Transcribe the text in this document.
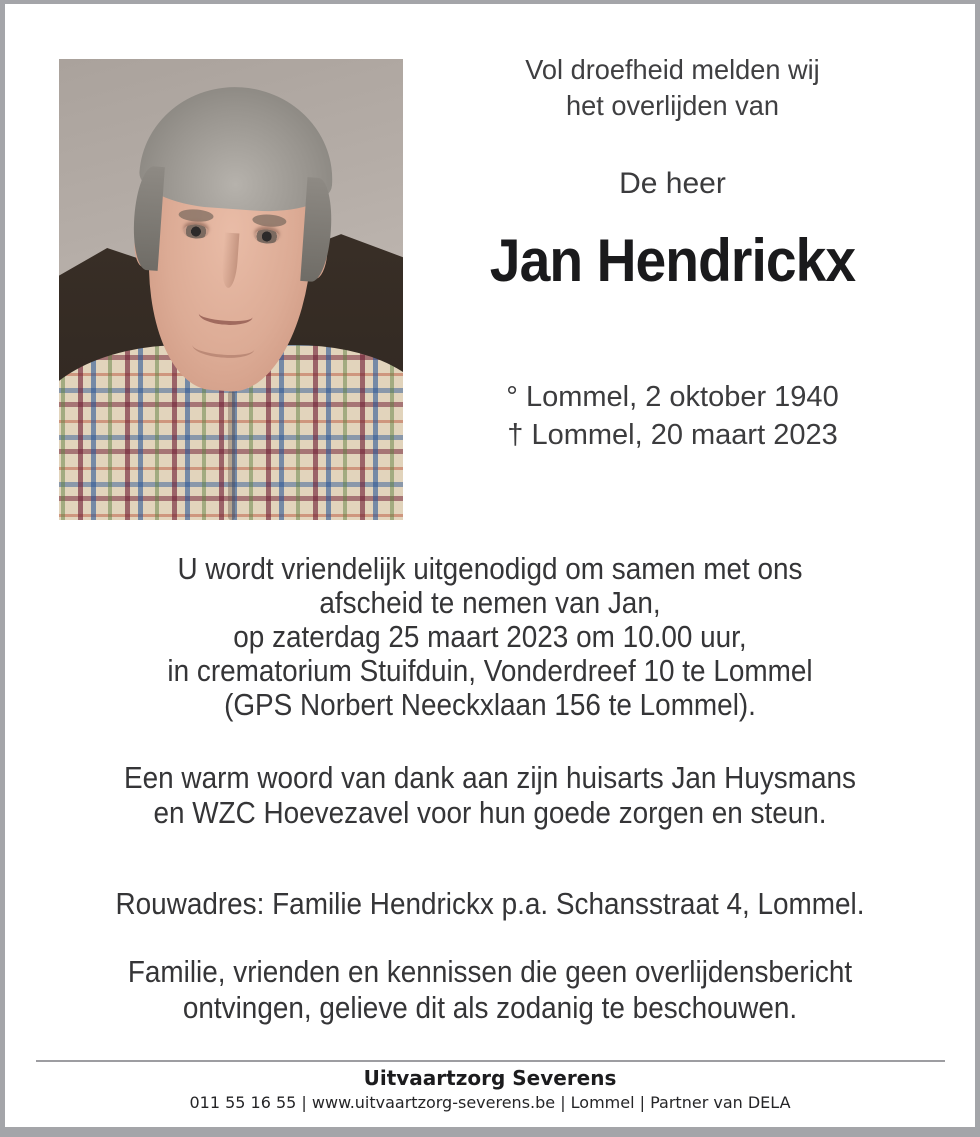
Vol droefheid melden wij
het overlijden van
De heer
Jan Hendrickx
° Lommel, 2 oktober 1940
† Lommel, 20 maart 2023
U wordt vriendelijk uitgenodigd om samen met ons
afscheid te nemen van Jan,
op zaterdag 25 maart 2023 om 10.00 uur,
in crematorium Stuifduin, Vonderdreef 10 te Lommel
(GPS Norbert Neeckxlaan 156 te Lommel).
Een warm woord van dank aan zijn huisarts Jan Huysmans
en WZC Hoevezavel voor hun goede zorgen en steun.
Rouwadres: Familie Hendrickx p.a. Schansstraat 4, Lommel.
Familie, vrienden en kennissen die geen overlijdensbericht
ontvingen, gelieve dit als zodanig te beschouwen.
Uitvaartzorg Severens
011 55 16 55 | www.uitvaartzorg-severens.be | Lommel | Partner van DELA
